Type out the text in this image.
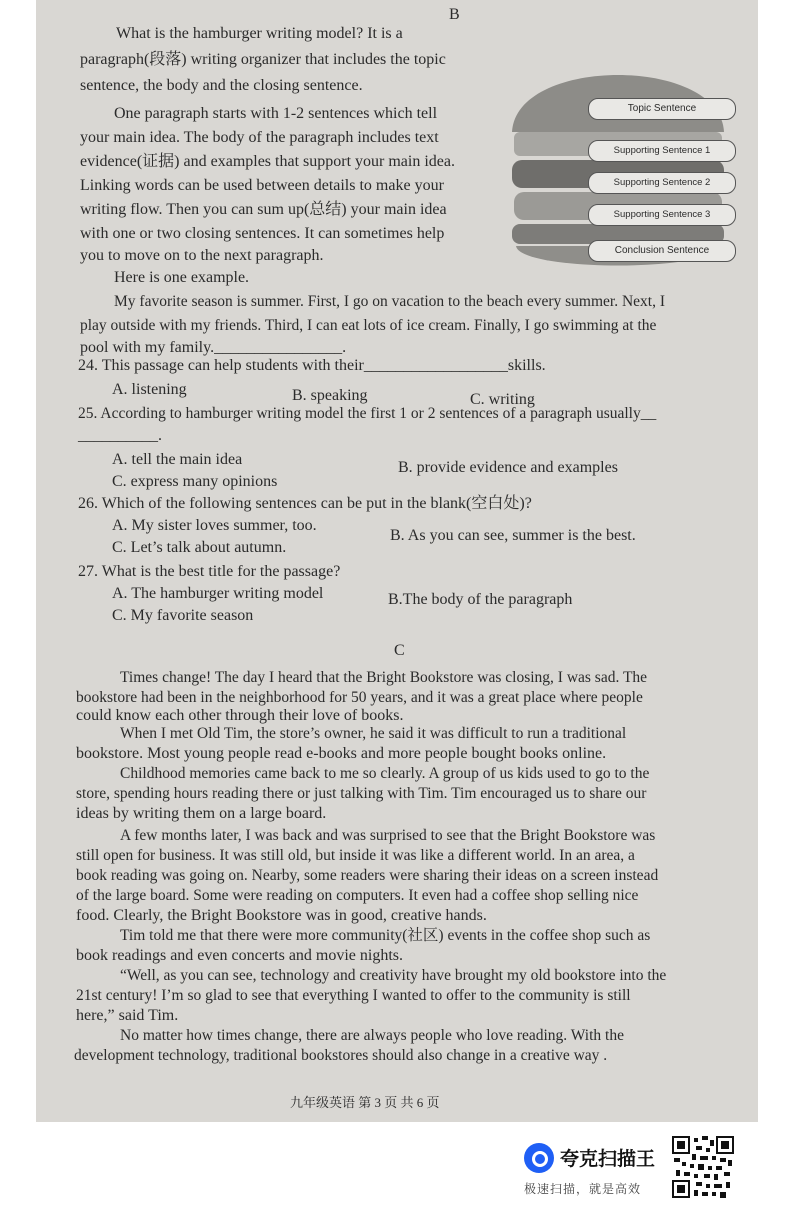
B
What is the hamburger writing model? It is a
paragraph(段落) writing organizer that includes the topic
sentence, the body and the closing sentence.
One paragraph starts with 1-2 sentences which tell
your main idea. The body of the paragraph includes text
evidence(证据) and examples that support your main idea.
Linking words can be used between details to make your
writing flow. Then you can sum up(总结) your main idea
with one or two closing sentences. It can sometimes help
you to move on to the next paragraph.
Here is one example.
My favorite season is summer. First, I go on vacation to the beach every summer. Next, I
play outside with my friends. Third, I can eat lots of ice cream. Finally, I go swimming at the
pool with my family.________________.
Topic Sentence
Supporting Sentence 1
Supporting Sentence 2
Supporting Sentence 3
Conclusion Sentence
24. This passage can help students with their__________________skills.
A. listening	B. speaking	C. writing
25. According to hamburger writing model the first 1 or 2 sentences of a paragraph usually__
__________.
A. tell the main idea	B. provide evidence and examples
C. express many opinions
26. Which of the following sentences can be put in the blank(空白处)?
A. My sister loves summer, too.
B. As you can see, summer is the best.
C. Let’s talk about autumn.
27. What is the best title for the passage?
A. The hamburger writing model	B.The body of the paragraph
C. My favorite season
C
Times change! The day I heard that the Bright Bookstore was closing, I was sad. The
bookstore had been in the neighborhood for 50 years, and it was a great place where people
could know each other through their love of books.
When I met Old Tim, the store’s owner, he said it was difficult to run a traditional
bookstore. Most young people read e-books and more people bought books online.
Childhood memories came back to me so clearly. A group of us kids used to go to the
store, spending hours reading there or just talking with Tim. Tim encouraged us to share our
ideas by writing them on a large board.
A few months later, I was back and was surprised to see that the Bright Bookstore was
still open for business. It was still old, but inside it was like a different world. In an area, a
book reading was going on. Nearby, some readers were sharing their ideas on a screen instead
of the large board. Some were reading on computers. It even had a coffee shop selling nice
food. Clearly, the Bright Bookstore was in good, creative hands.
Tim told me that there were more community(社区) events in the coffee shop such as
book readings and even concerts and movie nights.
“Well, as you can see, technology and creativity have brought my old bookstore into the
21st century! I’m so glad to see that everything I wanted to offer to the community is still
here,” said Tim.
No matter how times change, there are always people who love reading. With the
development technology, traditional bookstores should also change in a creative way .
九年级英语 第 3 页 共 6 页
夸克扫描王
极速扫描，就是高效
